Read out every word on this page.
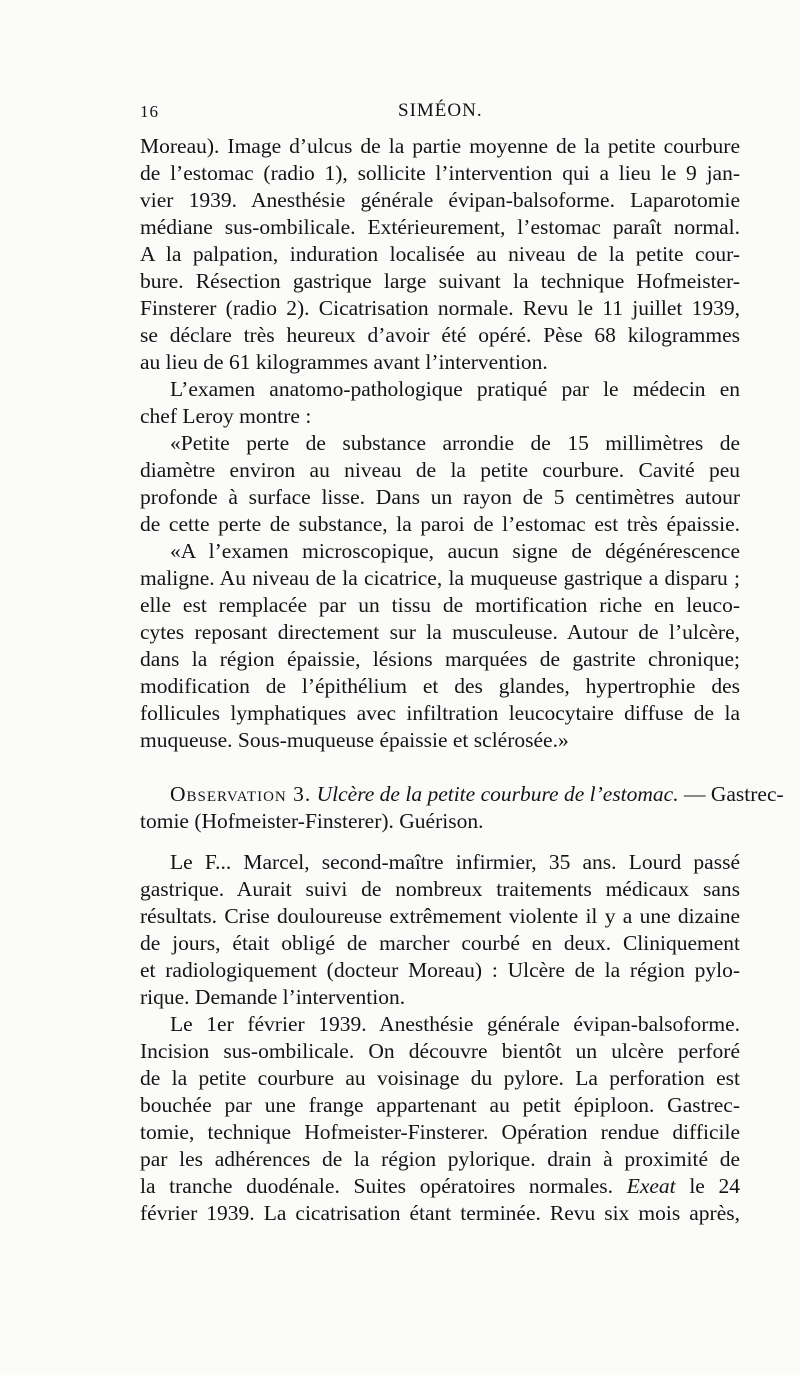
16	SIMÉON.
Moreau). Image d’ulcus de la partie moyenne de la petite courbure
de l’estomac (radio 1), sollicite l’intervention qui a lieu le 9 jan-
vier 1939. Anesthésie générale évipan-balsoforme. Laparotomie
médiane sus-ombilicale. Extérieurement, l’estomac paraît normal.
A la palpation, induration localisée au niveau de la petite cour-
bure. Résection gastrique large suivant la technique Hofmeister-
Finsterer (radio 2). Cicatrisation normale. Revu le 11 juillet 1939,
se déclare très heureux d’avoir été opéré. Pèse 68 kilogrammes
au lieu de 61 kilogrammes avant l’intervention.
L’examen anatomo-pathologique pratiqué par le médecin en
chef Leroy montre :
«Petite perte de substance arrondie de 15 millimètres de
diamètre environ au niveau de la petite courbure. Cavité peu
profonde à surface lisse. Dans un rayon de 5 centimètres autour
de cette perte de substance, la paroi de l’estomac est très épaissie.
«A l’examen microscopique, aucun signe de dégénérescence
maligne. Au niveau de la cicatrice, la muqueuse gastrique a disparu ;
elle est remplacée par un tissu de mortification riche en leuco-
cytes reposant directement sur la musculeuse. Autour de l’ulcère,
dans la région épaissie, lésions marquées de gastrite chronique;
modification de l’épithélium et des glandes, hypertrophie des
follicules lymphatiques avec infiltration leucocytaire diffuse de la
muqueuse. Sous-muqueuse épaissie et sclérosée.»
Observation 3. Ulcère de la petite courbure de l’estomac. — Gastrec-
tomie (Hofmeister-Finsterer). Guérison.
Le F... Marcel, second-maître infirmier, 35 ans. Lourd passé
gastrique. Aurait suivi de nombreux traitements médicaux sans
résultats. Crise douloureuse extrêmement violente il y a une dizaine
de jours, était obligé de marcher courbé en deux. Cliniquement
et radiologiquement (docteur Moreau) : Ulcère de la région pylo-
rique. Demande l’intervention.
Le 1er février 1939. Anesthésie générale évipan-balsoforme.
Incision sus-ombilicale. On découvre bientôt un ulcère perforé
de la petite courbure au voisinage du pylore. La perforation est
bouchée par une frange appartenant au petit épiploon. Gastrec-
tomie, technique Hofmeister-Finsterer. Opération rendue difficile
par les adhérences de la région pylorique. drain à proximité de
la tranche duodénale. Suites opératoires normales. Exeat le 24
février 1939. La cicatrisation étant terminée. Revu six mois après,
